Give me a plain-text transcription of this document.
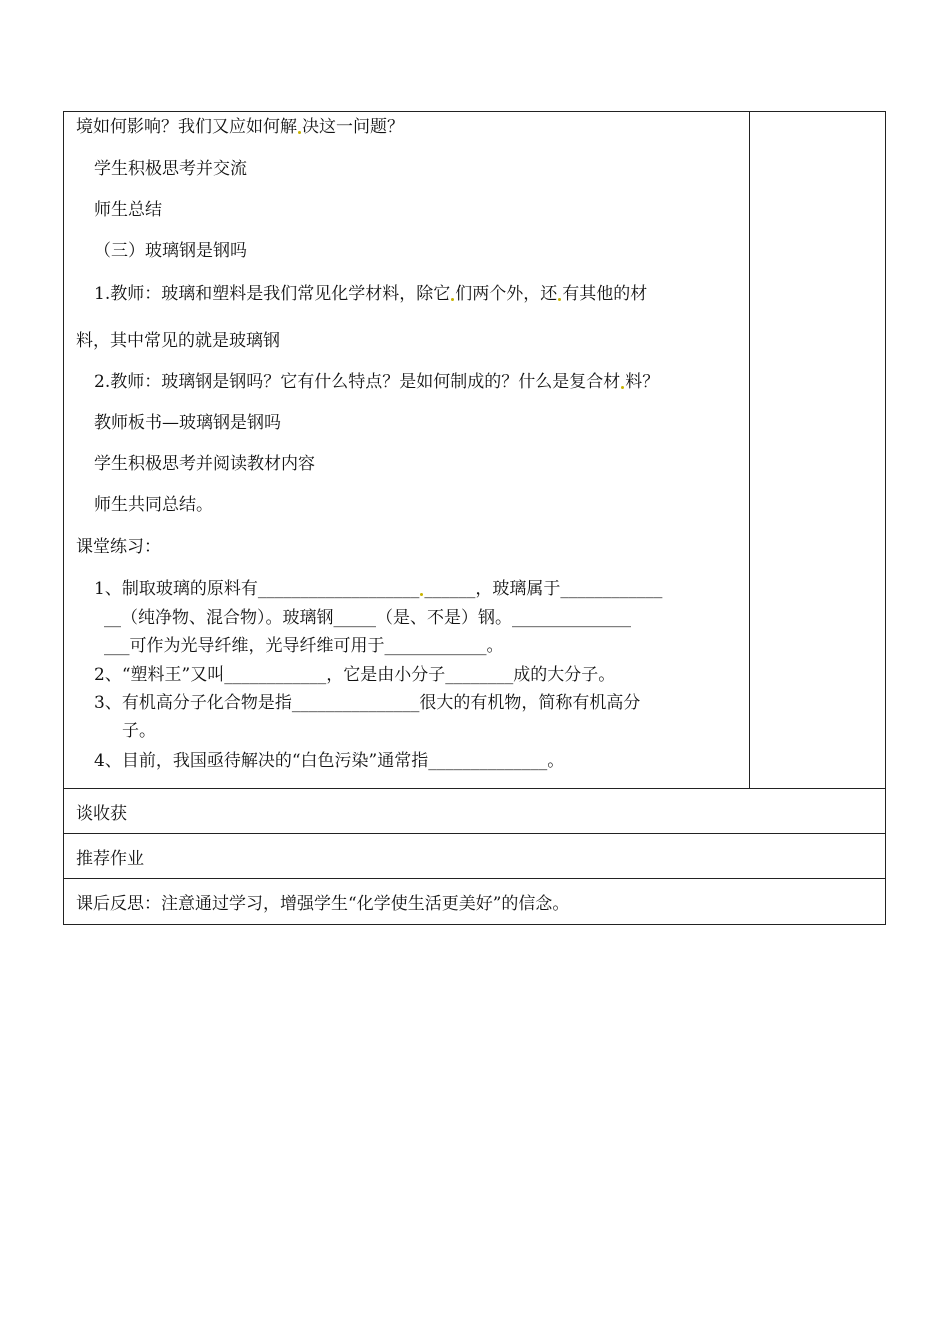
境如何影响？我们又应如何解 决这一问题？
学生积极思考并交流
师生总结
（三）玻璃钢是钢吗
1.教师：玻璃和塑料是我们常见化学材料，除它 们两个外，还 有其他的材
料，其中常见的就是玻璃钢
2.教师：玻璃钢是钢吗？它有什么特点？是如何制成的？什么是复合材 料？
教师板书—玻璃钢是钢吗
学生积极思考并阅读教材内容
师生共同总结。
课堂练习：
1、制取玻璃的原料有___________________ ______，玻璃属于____________
__（纯净物、混合物）。玻璃钢_____（是、不是）钢。______________
___可作为光导纤维，光导纤维可用于____________。
2、“塑料王”又叫____________，它是由小分子________成的大分子。
3、有机高分子化合物是指_______________很大的有机物，简称有机高分
子。
4、目前，我国亟待解决的“白色污染”通常指______________。
谈收获
推荐作业
课后反思：注意通过学习，增强学生“化学使生活更美好”的信念。
